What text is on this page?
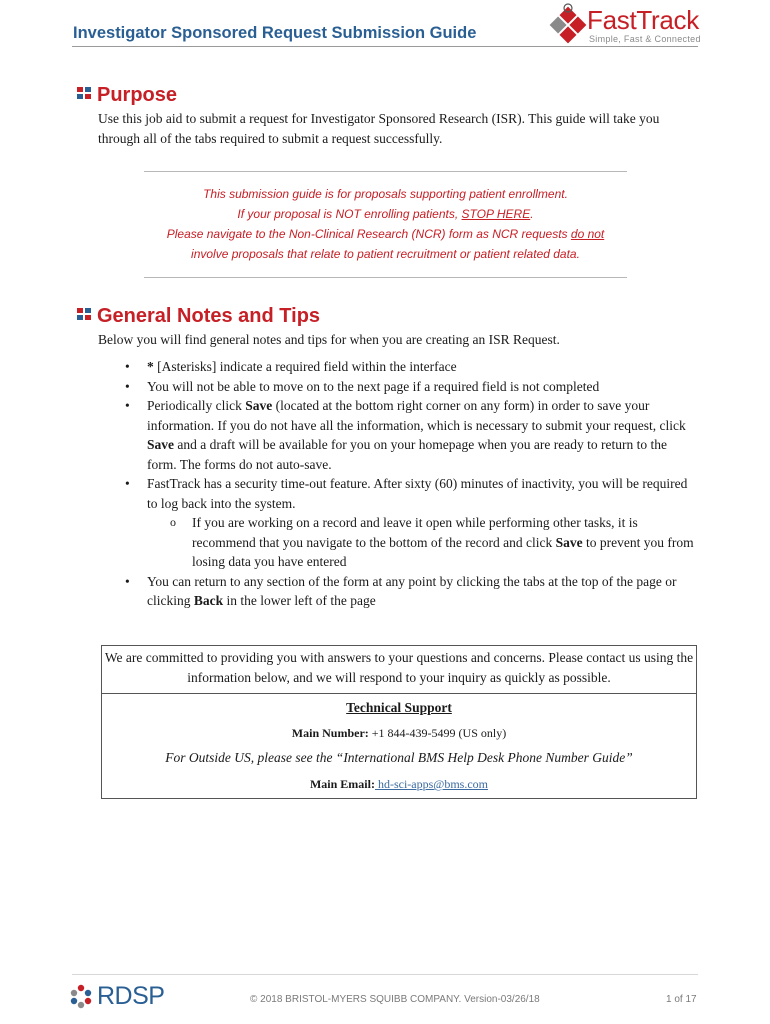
Investigator Sponsored Request Submission Guide	FastTrack
Simple, Fast & Connected
Purpose
Use this job aid to submit a request for Investigator Sponsored Research (ISR). This guide will take you through all of the tabs required to submit a request successfully.
This submission guide is for proposals supporting patient enrollment.
If your proposal is NOT enrolling patients, STOP HERE.
Please navigate to the Non-Clinical Research (NCR) form as NCR requests do not
involve proposals that relate to patient recruitment or patient related data.
General Notes and Tips
Below you will find general notes and tips for when you are creating an ISR Request.
• * [Asterisks] indicate a required field within the interface
• You will not be able to move on to the next page if a required field is not completed
• Periodically click Save (located at the bottom right corner on any form) in order to save your information. If you do not have all the information, which is necessary to submit your request, click Save and a draft will be available for you on your homepage when you are ready to return to the form. The forms do not auto-save.
• FastTrack has a security time-out feature. After sixty (60) minutes of inactivity, you will be required to log back into the system.
o If you are working on a record and leave it open while performing other tasks, it is recommend that you navigate to the bottom of the record and click Save to prevent you from losing data you have entered
• You can return to any section of the form at any point by clicking the tabs at the top of the page or clicking Back in the lower left of the page
We are committed to providing you with answers to your questions and concerns. Please contact us using the information below, and we will respond to your inquiry as quickly as possible.
Technical Support
Main Number: +1 844-439-5499 (US only)
For Outside US, please see the “International BMS Help Desk Phone Number Guide”
Main Email: hd-sci-apps@bms.com
RDSP	© 2018 BRISTOL-MYERS SQUIBB COMPANY. Version-03/26/18	1 of 17
